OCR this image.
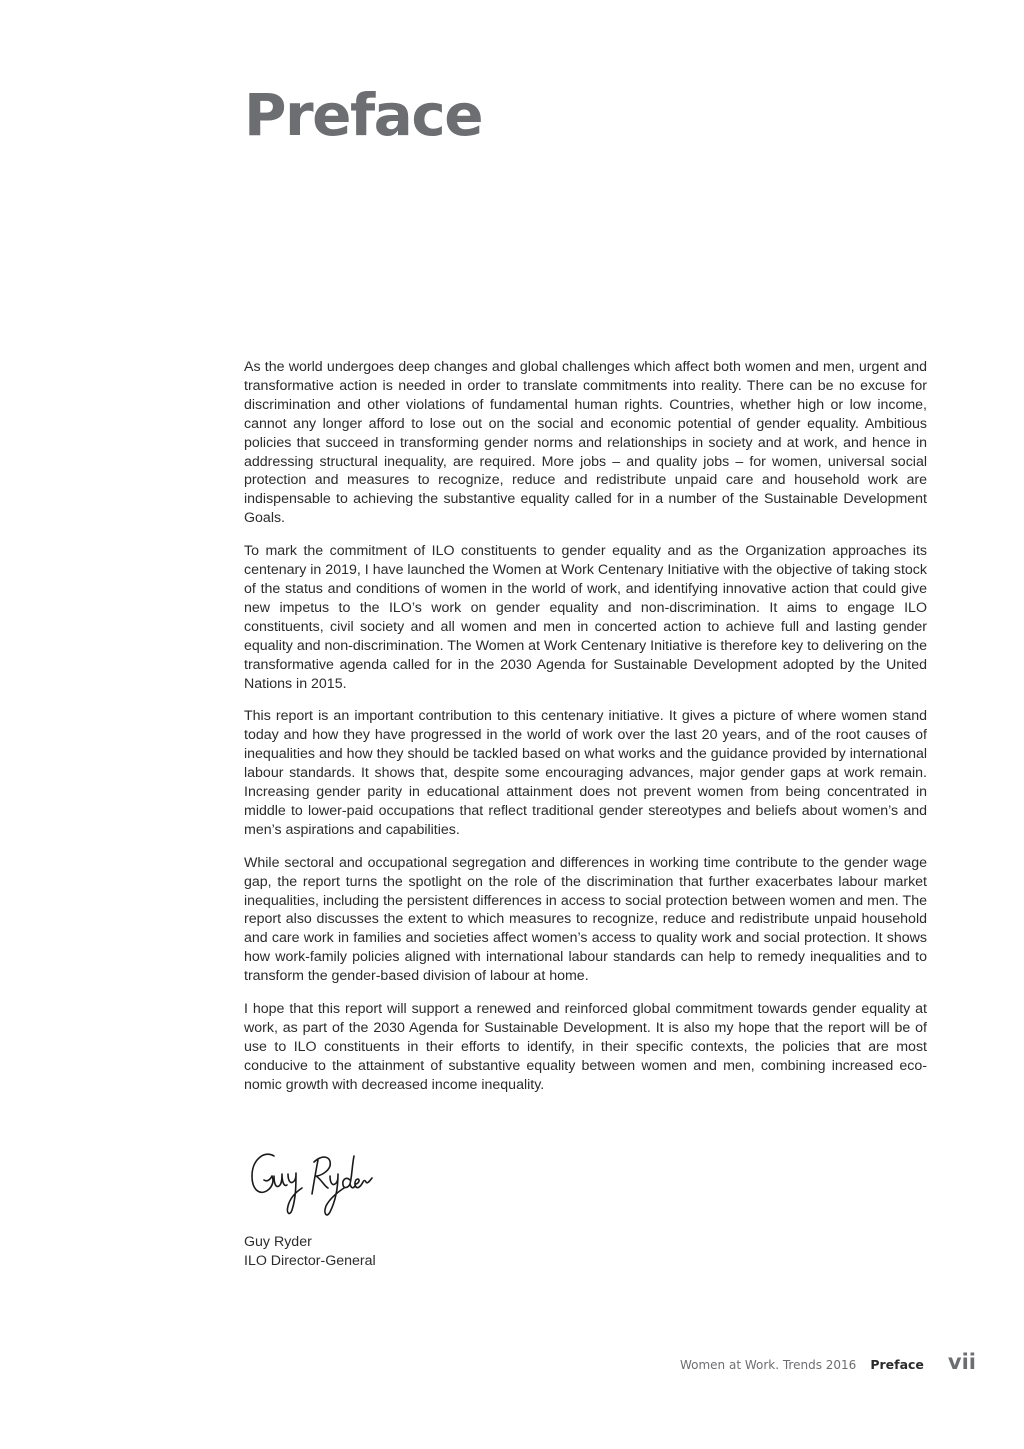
Preface

As the world undergoes deep changes and global challenges which affect both women and men, urgent and transformative action is needed in order to translate commitments into reality. There can be no excuse for discrimination and other violations of fundamental human rights. Countries, whether high or low income, cannot any longer afford to lose out on the social and economic potential of gender equality. Ambitious policies that succeed in transforming gender norms and relationships in society and at work, and hence in addressing structural inequality, are required. More jobs – and quality jobs – for women, universal social protection and measures to recognize, reduce and redistribute unpaid care and household work are indispensable to achieving the substantive equality called for in a number of the Sustainable Development Goals.

To mark the commitment of ILO constituents to gender equality and as the Organization approaches its centenary in 2019, I have launched the Women at Work Centenary Initiative with the objective of taking stock of the status and conditions of women in the world of work, and identifying innovative action that could give new impetus to the ILO’s work on gender equality and non-discrimination. It aims to engage ILO constituents, civil society and all women and men in concerted action to achieve full and lasting gender equality and non-discrimination. The Women at Work Centenary Initiative is therefore key to delivering on the transformative agenda called for in the 2030 Agenda for Sustainable Development adopted by the United Nations in 2015.

This report is an important contribution to this centenary initiative. It gives a picture of where women stand today and how they have progressed in the world of work over the last 20 years, and of the root causes of inequalities and how they should be tackled based on what works and the guidance provided by international labour standards. It shows that, despite some encouraging advances, major gender gaps at work remain. Increasing gender parity in educational attainment does not prevent women from being concentrated in middle to lower-paid occupations that reflect traditional gender stereotypes and beliefs about women’s and men’s aspirations and capabilities.

While sectoral and occupational segregation and differences in working time contribute to the gender wage gap, the report turns the spotlight on the role of the discrimination that further exacerbates labour market inequalities, including the persistent differences in access to social protection between women and men. The report also discusses the extent to which measures to recognize, reduce and redistribute unpaid household and care work in families and societies affect women’s access to quality work and social protection. It shows how work-family policies aligned with international labour standards can help to remedy inequalities and to transform the gender-based division of labour at home.

I hope that this report will support a renewed and reinforced global commitment towards gender equality at work, as part of the 2030 Agenda for Sustainable Development. It is also my hope that the report will be of use to ILO constituents in their efforts to identify, in their specific contexts, the policies that are most conducive to the attainment of substantive equality between women and men, combining increased economic growth with decreased income inequality.

Guy Ryder
ILO Director-General
Women at Work. Trends 2016 Preface vii
